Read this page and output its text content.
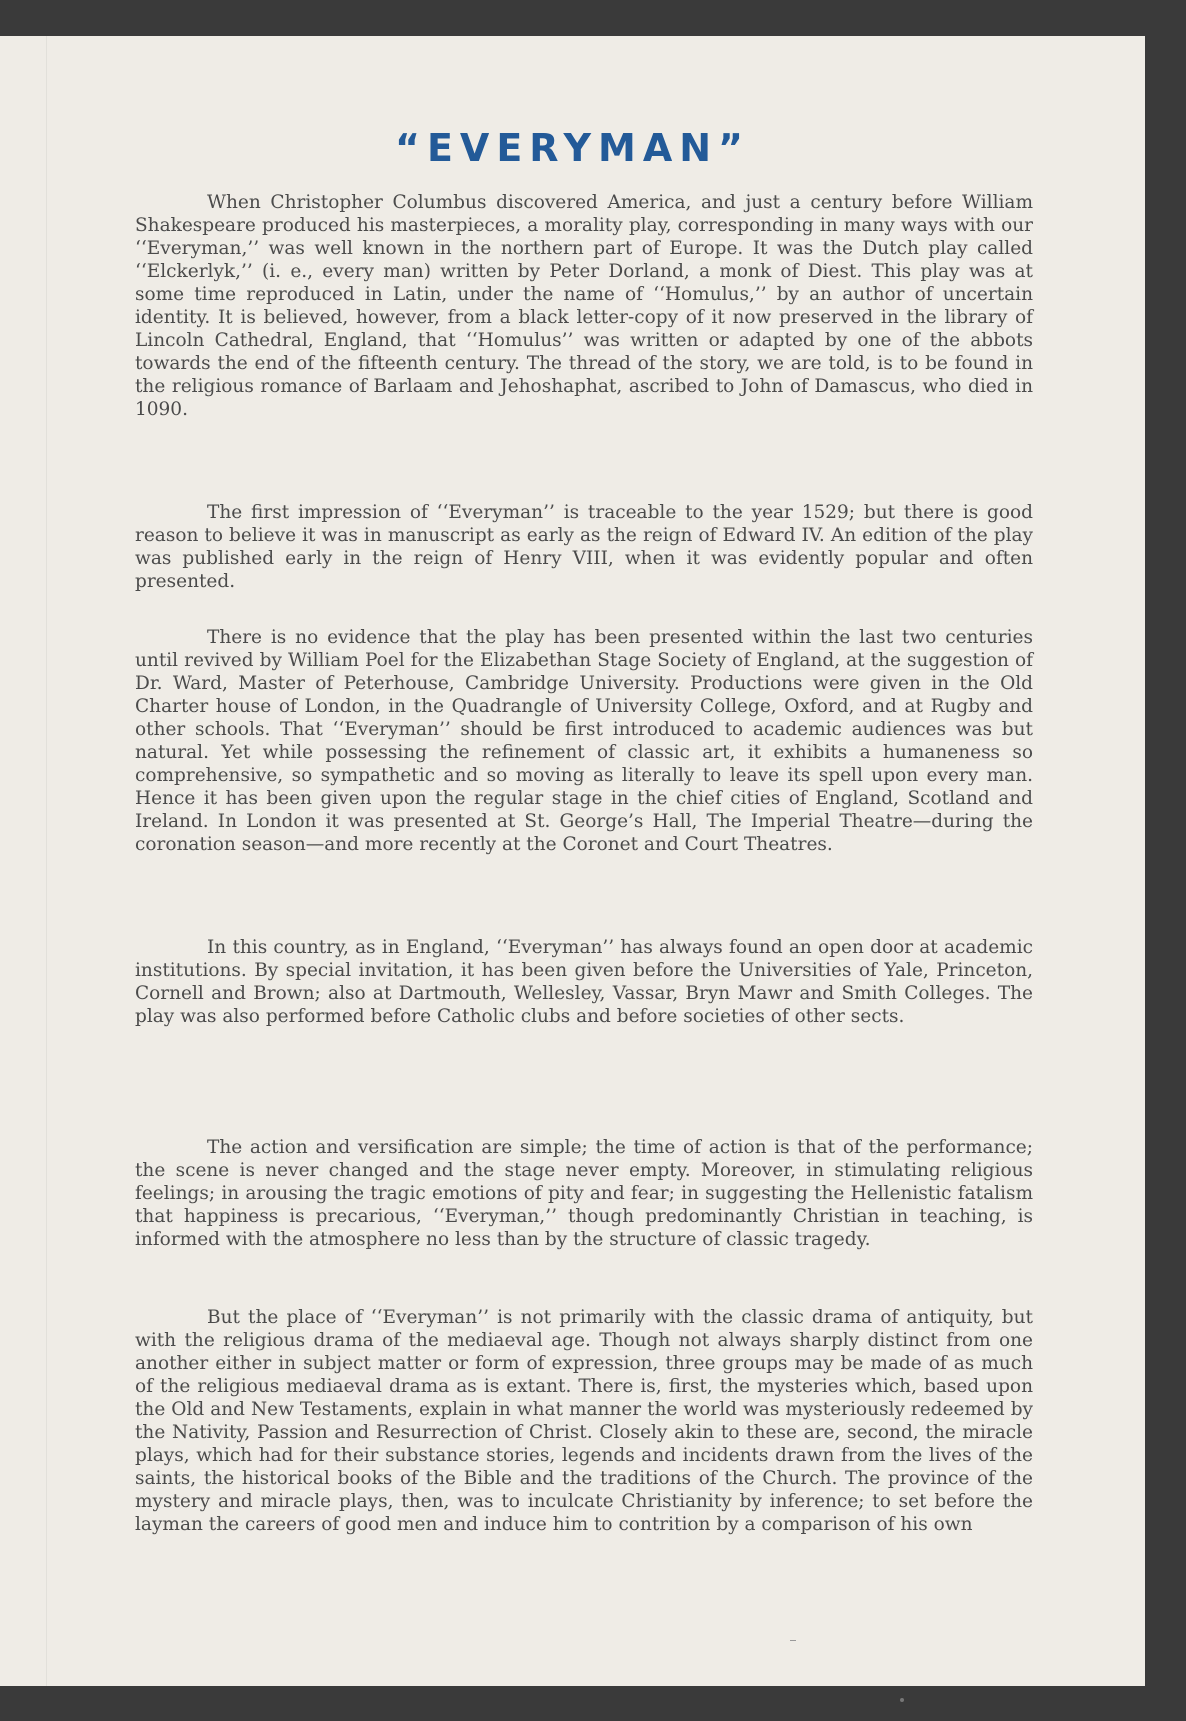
“EVERYMAN”

When Christopher Columbus discovered America, and just a century before William Shakespeare produced his masterpieces, a morality play, corresponding in many ways with our ‘‘Everyman,’’ was well known in the northern part of Europe. It was the Dutch play called ‘‘Elckerlyk,’’ (i. e., every man) written by Peter Dorland, a monk of Diest. This play was at some time reproduced in Latin, under the name of ‘‘Homulus,’’ by an author of uncertain identity. It is believed, however, from a black letter-copy of it now preserved in the library of Lincoln Cathedral, England, that ‘‘Homulus’’ was written or adapted by one of the abbots towards the end of the fifteenth century. The thread of the story, we are told, is to be found in the religious romance of Barlaam and Jehoshaphat, ascribed to John of Damascus, who died in 1090.

The first impression of ‘‘Everyman’’ is traceable to the year 1529; but there is good reason to believe it was in manuscript as early as the reign of Edward IV. An edition of the play was published early in the reign of Henry VIII, when it was evidently popular and often presented.

There is no evidence that the play has been presented within the last two centuries until revived by William Poel for the Elizabethan Stage Society of England, at the suggestion of Dr. Ward, Master of Peterhouse, Cambridge University. Productions were given in the Old Charter house of London, in the Quadrangle of University College, Oxford, and at Rugby and other schools. That ‘‘Everyman’’ should be first introduced to academic audiences was but natural. Yet while possessing the refinement of classic art, it exhibits a humaneness so comprehensive, so sympathetic and so moving as literally to leave its spell upon every man. Hence it has been given upon the regular stage in the chief cities of England, Scotland and Ireland. In London it was presented at St. George’s Hall, The Imperial Theatre—during the coronation season—and more recently at the Coronet and Court Theatres.

In this country, as in England, ‘‘Everyman’’ has always found an open door at academic institutions. By special invitation, it has been given before the Universities of Yale, Princeton, Cornell and Brown; also at Dartmouth, Wellesley, Vassar, Bryn Mawr and Smith Colleges. The play was also performed before Catholic clubs and before societies of other sects.

The action and versification are simple; the time of action is that of the performance; the scene is never changed and the stage never empty. Moreover, in stimulating religious feelings; in arousing the tragic emotions of pity and fear; in suggesting the Hellenistic fatalism that happiness is precarious, ‘‘Everyman,’’ though predominantly Christian in teaching, is informed with the atmosphere no less than by the structure of classic tragedy.

But the place of ‘‘Everyman’’ is not primarily with the classic drama of antiquity, but with the religious drama of the mediaeval age. Though not always sharply distinct from one another either in subject matter or form of expression, three groups may be made of as much of the religious mediaeval drama as is extant. There is, first, the mysteries which, based upon the Old and New Testaments, explain in what manner the world was mysteriously redeemed by the Nativity, Passion and Resurrection of Christ. Closely akin to these are, second, the miracle plays, which had for their substance stories, legends and incidents drawn from the lives of the saints, the historical books of the Bible and the traditions of the Church. The province of the mystery and miracle plays, then, was to inculcate Christianity by inference; to set before the layman the careers of good men and induce him to contrition by a comparison of his own
